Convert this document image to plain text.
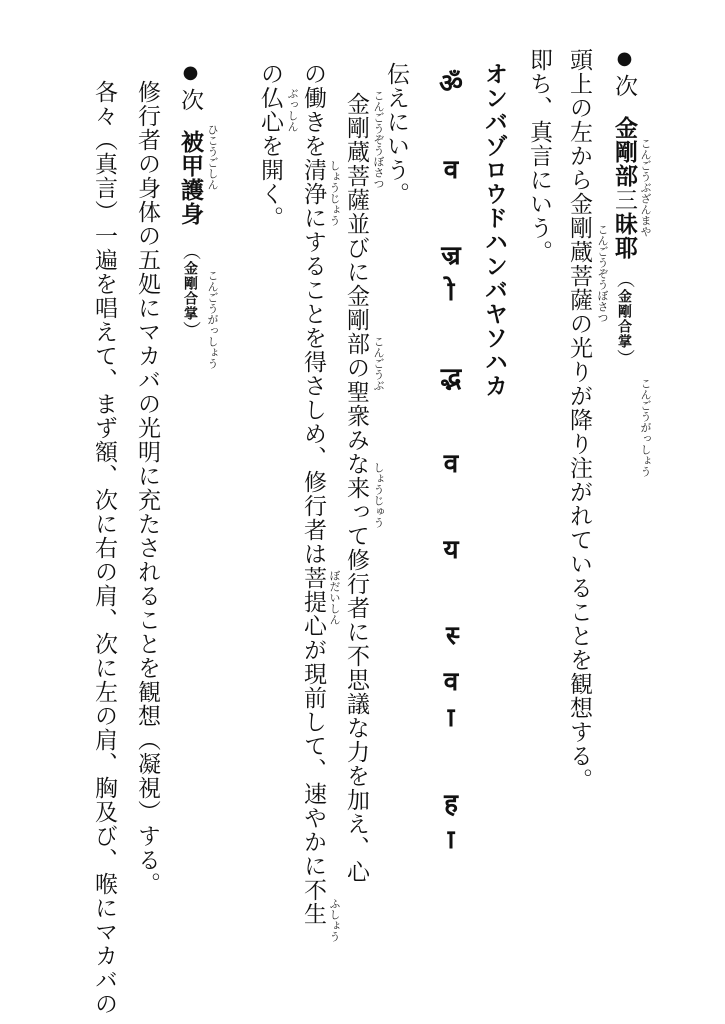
●次金剛部三昧耶（金剛合掌）
こんごうぶざんまや
こんごうがっしょう
頭上の左から金剛蔵菩薩の光りが降り注がれていることを観想する。 こんごうぞうぼさつ
即ち、真言にいう。
オンバゾロウドハンバヤソハカ
ॐ व ज्रो द्भ व य स्वा हा
伝えにいう。
金剛蔵菩薩並びに金剛部の聖衆みな来って修行者に不思議な力を加え、心 こんごうぞうぼさつ
こんごうぶ
しょうじゅう
の働きを清浄にすることを得さしめ、修行者は菩提心が現前して、速やかに不生 しょうじょう
ぼだいしん
ふしょう
の仏心を開く。 ぶっしん
●次被甲護身（金剛合掌）
ひこうごしん
こんごうがっしょう
修行者の身体の五処にマカバの光明に充たされることを観想（凝視）する。
各々（真言）一遍を唱えて、まず額、次に右の肩、次に左の肩、胸及び、喉にマカバの
